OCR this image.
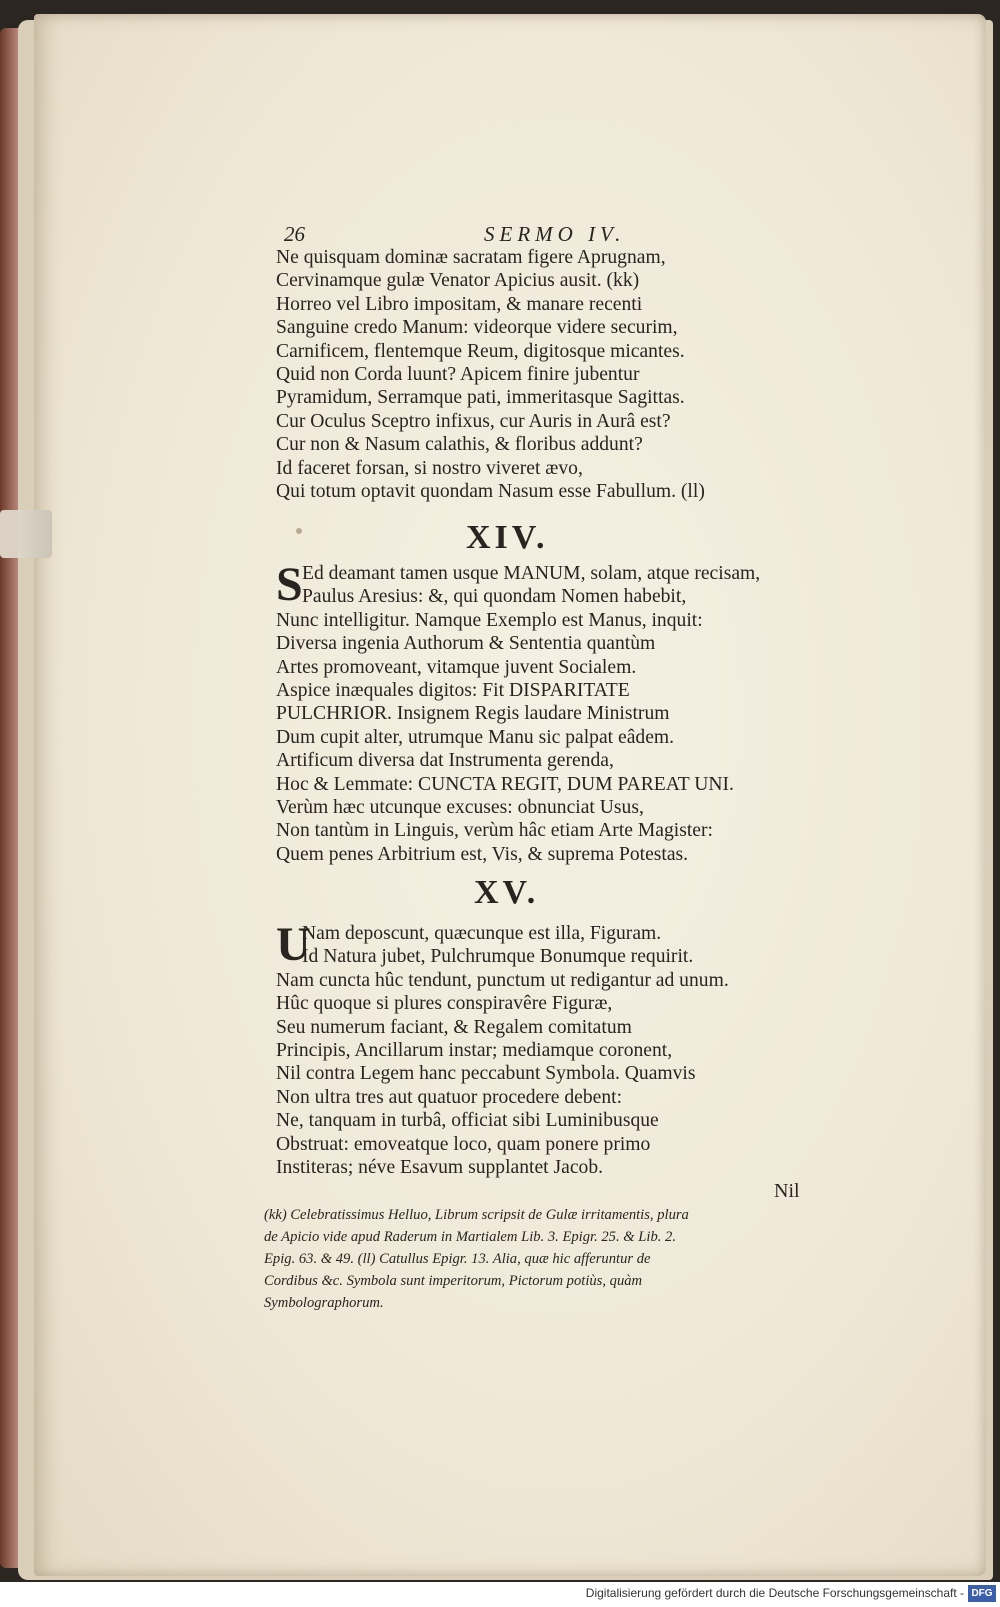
26	SERMO IV.
Ne quisquam dominæ sacratam figere Aprugnam,
Cervinamque gulæ Venator Apicius ausit. (kk)
Horreo vel Libro impositam, & manare recenti
Sanguine credo Manum: videorque videre securim,
Carnificem, flentemque Reum, digitosque micantes.
Quid non Corda luunt? Apicem finire jubentur
Pyramidum, Serramque pati, immeritasque Sagittas.
Cur Oculus Sceptro infixus, cur Auris in Aurâ est?
Cur non & Nasum calathis, & floribus addunt?
Id faceret forsan, si nostro viveret ævo,
Qui totum optavit quondam Nasum esse Fabullum. (ll)
XIV.
S Ed deamant tamen usque MANUM, solam, atque recisam,
Paulus Aresius: &, qui quondam Nomen habebit,
Nunc intelligitur. Namque Exemplo est Manus, inquit:
Diversa ingenia Authorum & Sententia quantùm
Artes promoveant, vitamque juvent Socialem.
Aspice inæquales digitos: Fit DISPARITATE
PULCHRIOR. Insignem Regis laudare Ministrum
Dum cupit alter, utrumque Manu sic palpat eâdem.
Artificum diversa dat Instrumenta gerenda,
Hoc & Lemmate: CUNCTA REGIT, DUM PAREAT UNI.
Verùm hæc utcunque excuses: obnunciat Usus,
Non tantùm in Linguis, verùm hâc etiam Arte Magister:
Quem penes Arbitrium est, Vis, & suprema Potestas.
XV.
U
Nam deposcunt, quæcunque est illa, Figuram.
Id Natura jubet, Pulchrumque Bonumque requirit.
Nam cuncta hûc tendunt, punctum ut redigantur ad unum.
Hûc quoque si plures conspiravêre Figuræ,
Seu numerum faciant, & Regalem comitatum
Principis, Ancillarum instar; mediamque coronent,
Nil contra Legem hanc peccabunt Symbola. Quamvis
Non ultra tres aut quatuor procedere debent:
Ne, tanquam in turbâ, officiat sibi Luminibusque
Obstruat: emoveatque loco, quam ponere primo
Institeras; néve Esavum supplantet Jacob.
Nil
(kk) Celebratissimus Helluo, Librum scripsit de Gulæ irritamentis, plura
de Apicio vide apud Raderum in Martialem Lib. 3. Epigr. 25. & Lib. 2.
Epig. 63. & 49. (ll) Catullus Epigr. 13. Alia, quæ hic afferuntur de
Cordibus &c. Symbola sunt imperitorum, Pictorum potiùs, quàm
Symbolographorum.
Digitalisierung gefördert durch die Deutsche Forschungsgemeinschaft - DFG
